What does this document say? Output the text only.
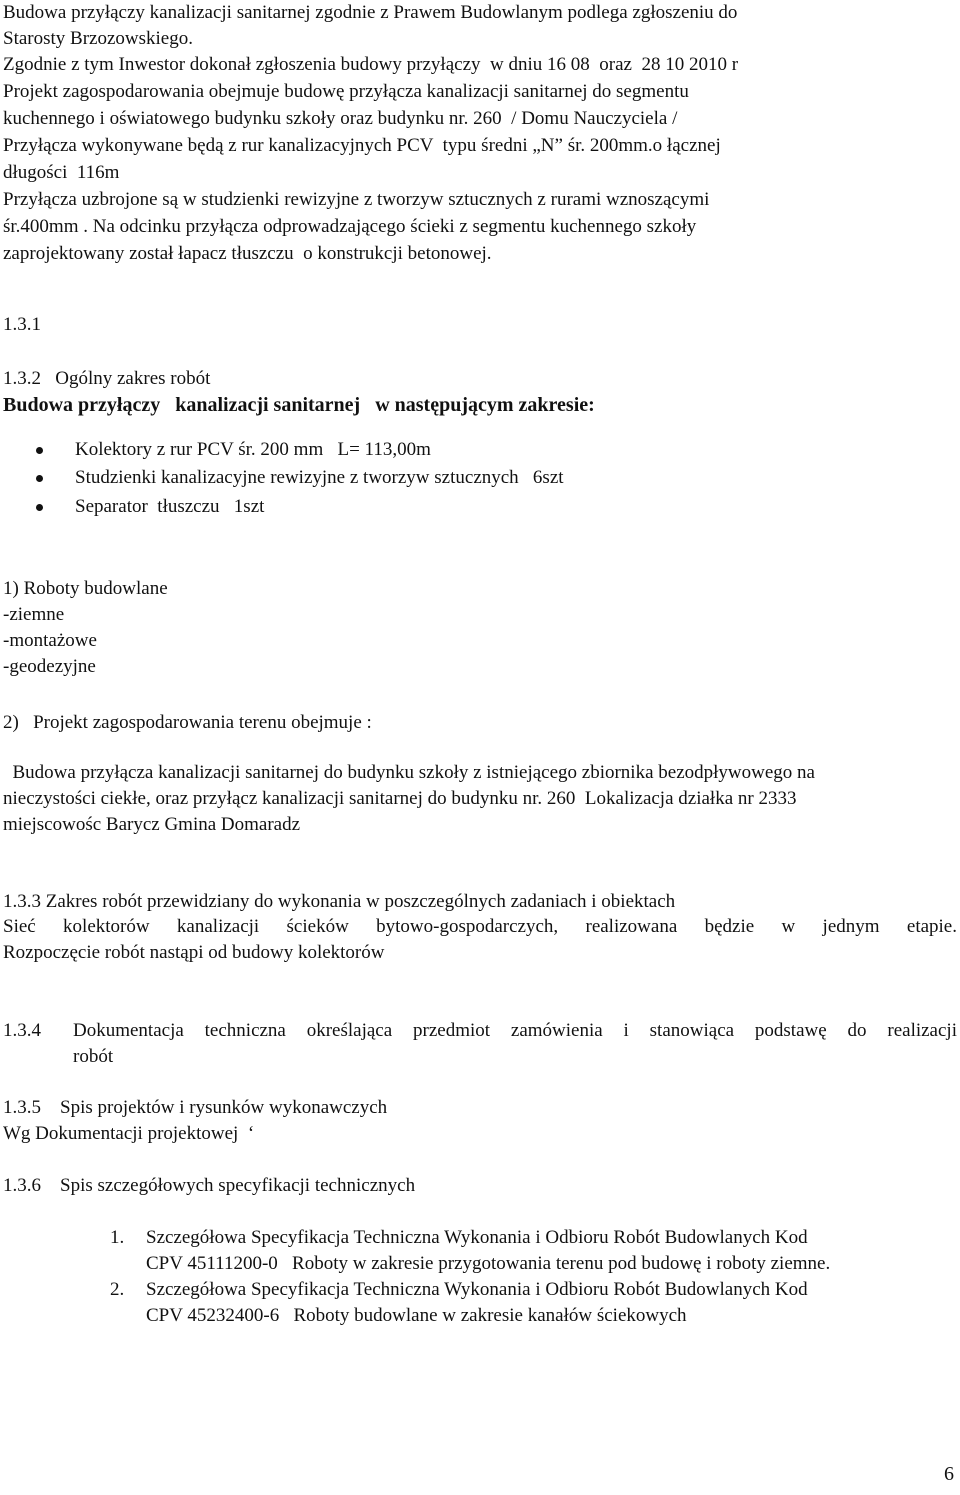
Budowa przyłączy kanalizacji sanitarnej zgodnie z Prawem Budowlanym podlega zgłoszeniu do
Starosty Brzozowskiego.
Zgodnie z tym Inwestor dokonał zgłoszenia budowy przyłączy  w dniu 16 08  oraz  28 10 2010 r
Projekt zagospodarowania obejmuje budowę przyłącza kanalizacji sanitarnej do segmentu
kuchennego i oświatowego budynku szkoły oraz budynku nr. 260  / Domu Nauczyciela /
Przyłącza wykonywane będą z rur kanalizacyjnych PCV  typu średni „N” śr. 200mm.o łącznej
długości  116m
Przyłącza uzbrojone są w studzienki rewizyjne z tworzyw sztucznych z rurami wznoszącymi
śr.400mm . Na odcinku przyłącza odprowadzającego ścieki z segmentu kuchennego szkoły
zaprojektowany został łapacz tłuszczu  o konstrukcji betonowej.
1.3.1
1.3.2   Ogólny zakres robót
Budowa przyłączy   kanalizacji sanitarnej   w następującym zakresie:
Kolektory z rur PCV śr. 200 mm   L= 113,00m
Studzienki kanalizacyjne rewizyjne z tworzyw sztucznych   6szt
Separator  tłuszczu   1szt
1) Roboty budowlane
-ziemne
-montażowe
-geodezyjne
2)   Projekt zagospodarowania terenu obejmuje :
Budowa przyłącza kanalizacji sanitarnej do budynku szkoły z istniejącego zbiornika bezodpływowego na
nieczystości ciekłe, oraz przyłącz kanalizacji sanitarnej do budynku nr. 260  Lokalizacja działka nr 2333
miejscowośc Barycz Gmina Domaradz
1.3.3 Zakres robót przewidziany do wykonania w poszczególnych zadaniach i obiektach
Sieć kolektorów kanalizacji ścieków bytowo-gospodarczych, realizowana będzie w jednym etapie.
Rozpoczęcie robót nastąpi od budowy kolektorów
1.3.4 Dokumentacja techniczna określająca przedmiot zamówienia i stanowiąca podstawę do realizacji
robót
1.3.5    Spis projektów i rysunków wykonawczych
Wg Dokumentacji projektowej  ‘
1.3.6    Spis szczegółowych specyfikacji technicznych
1. Szczegółowa Specyfikacja Techniczna Wykonania i Odbioru Robót Budowlanych Kod
CPV 45111200-0   Roboty w zakresie przygotowania terenu pod budowę i roboty ziemne.
2. Szczegółowa Specyfikacja Techniczna Wykonania i Odbioru Robót Budowlanych Kod
CPV 45232400-6   Roboty budowlane w zakresie kanałów ściekowych
6
